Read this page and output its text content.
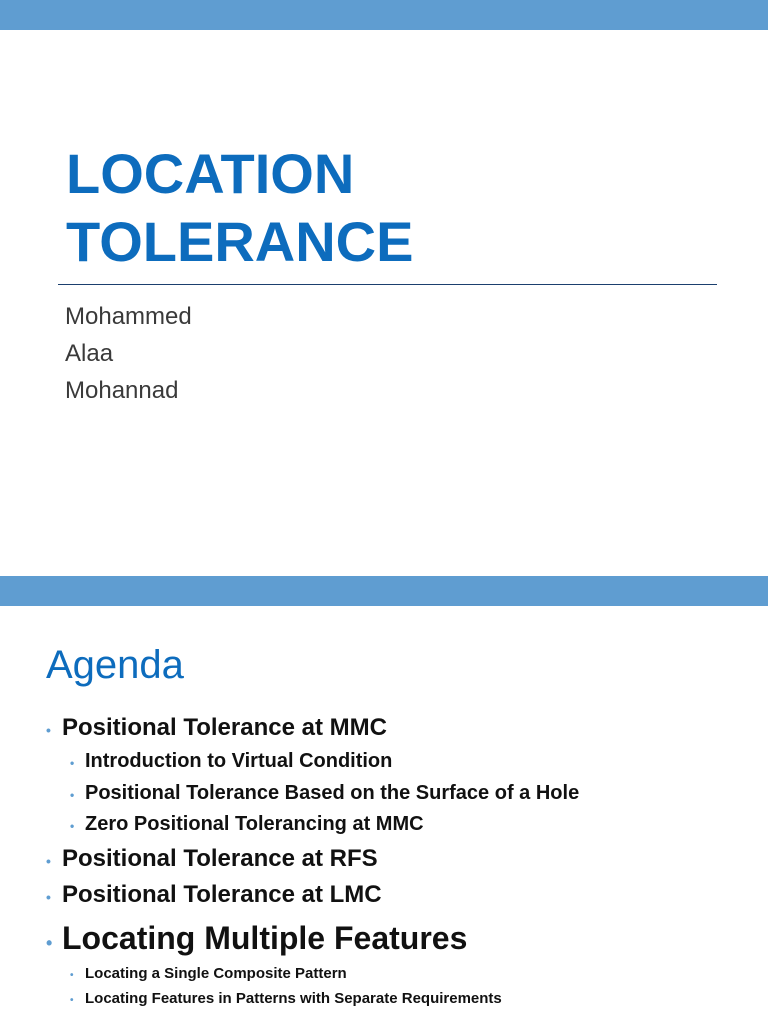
LOCATION
TOLERANCE
Mohammed
Alaa
Mohannad
Agenda
• Positional Tolerance at MMC
• Introduction to Virtual Condition
• Positional Tolerance Based on the Surface of a Hole
• Zero Positional Tolerancing at MMC
• Positional Tolerance at RFS
• Positional Tolerance at LMC
• Locating Multiple Features
• Locating a Single Composite Pattern
• Locating Features in Patterns with Separate Requirements
